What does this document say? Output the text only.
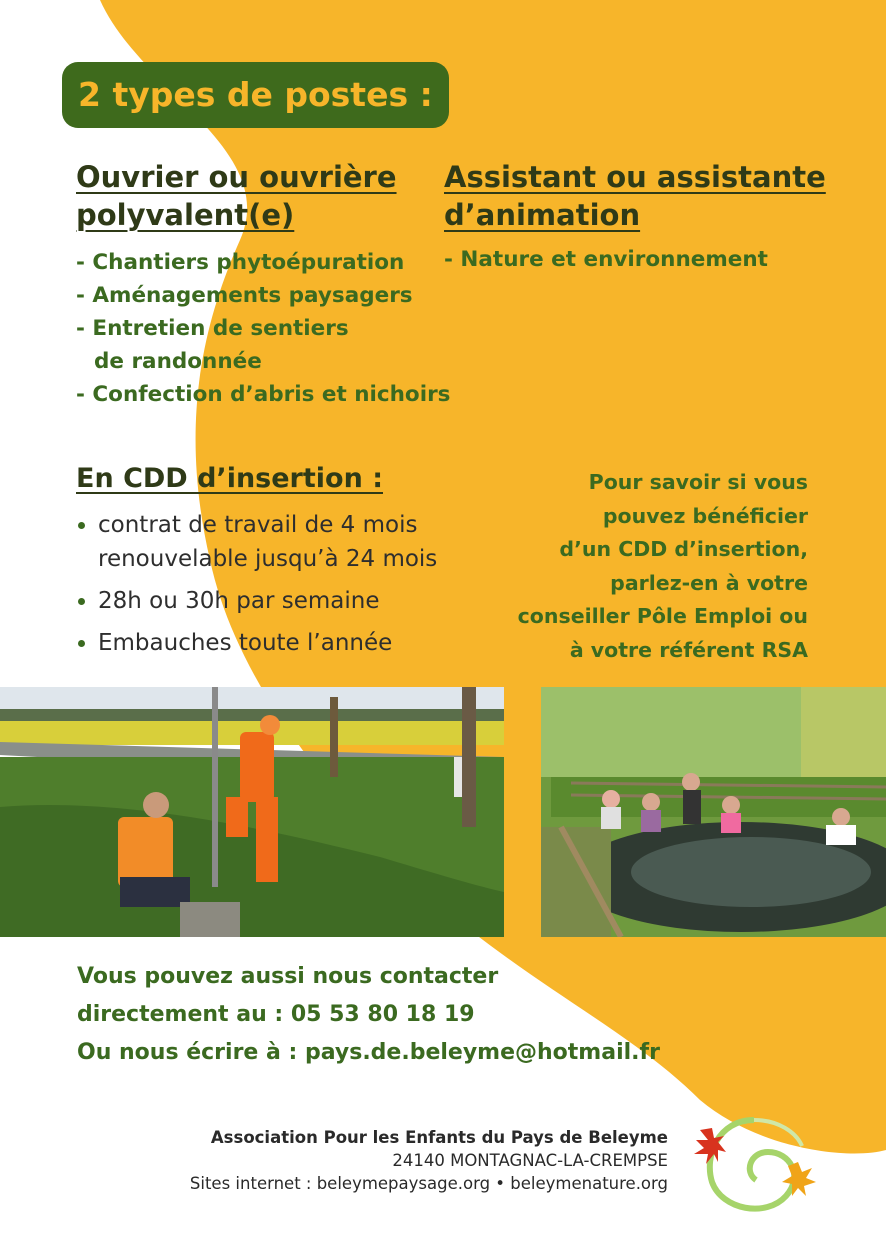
2 types de postes :
Ouvrier ou ouvrière
polyvalent(e)
- Chantiers phytoépuration
- Aménagements paysagers
- Entretien de sentiers
de randonnée
- Confection d’abris et nichoirs
Assistant ou assistante
d’animation
- Nature et environnement
En CDD d’insertion :
contrat de travail de 4 mois
renouvelable jusqu’à 24 mois
28h ou 30h par semaine
Embauches toute l’année
Pour savoir si vous
pouvez bénéficier
d’un CDD d’insertion,
parlez-en à votre
conseiller Pôle Emploi ou
à votre référent RSA
Vous pouvez aussi nous contacter
directement au : 05 53 80 18 19
Ou nous écrire à : pays.de.beleyme@hotmail.fr
Association Pour les Enfants du Pays de Beleyme
24140 MONTAGNAC-LA-CREMPSE
Sites internet : beleymepaysage.org • beleymenature.org
